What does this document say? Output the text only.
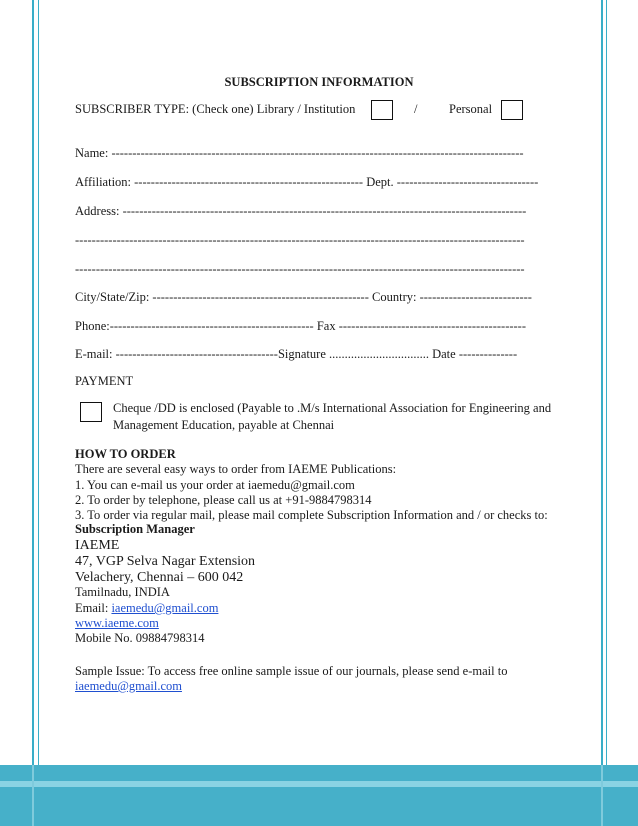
SUBSCRIPTION INFORMATION
SUBSCRIBER TYPE: (Check one) Library / Institution	/	Personal
Name: ---------------------------------------------------------------------------------------------------
Affiliation: ------------------------------------------------------- Dept. ----------------------------------
Address: -------------------------------------------------------------------------------------------------
------------------------------------------------------------------------------------------------------------
------------------------------------------------------------------------------------------------------------
City/State/Zip: ---------------------------------------------------- Country: ---------------------------
Phone:------------------------------------------------- Fax ---------------------------------------------
E-mail: ---------------------------------------Signature ................................ Date --------------
PAYMENT
Cheque /DD is enclosed (Payable to .M/s International Association for Engineering and
Management Education, payable at Chennai
HOW TO ORDER
There are several easy ways to order from IAEME Publications:
1. You can e-mail us your order at iaemedu@gmail.com
2. To order by telephone, please call us at +91-9884798314
3. To order via regular mail, please mail complete Subscription Information and / or checks to:
Subscription Manager
IAEME
47, VGP Selva Nagar Extension
Velachery, Chennai – 600 042
Tamilnadu, INDIA
Email: iaemedu@gmail.com
www.iaeme.com
Mobile No. 09884798314
Sample Issue: To access free online sample issue of our journals, please send e-mail to
iaemedu@gmail.com
